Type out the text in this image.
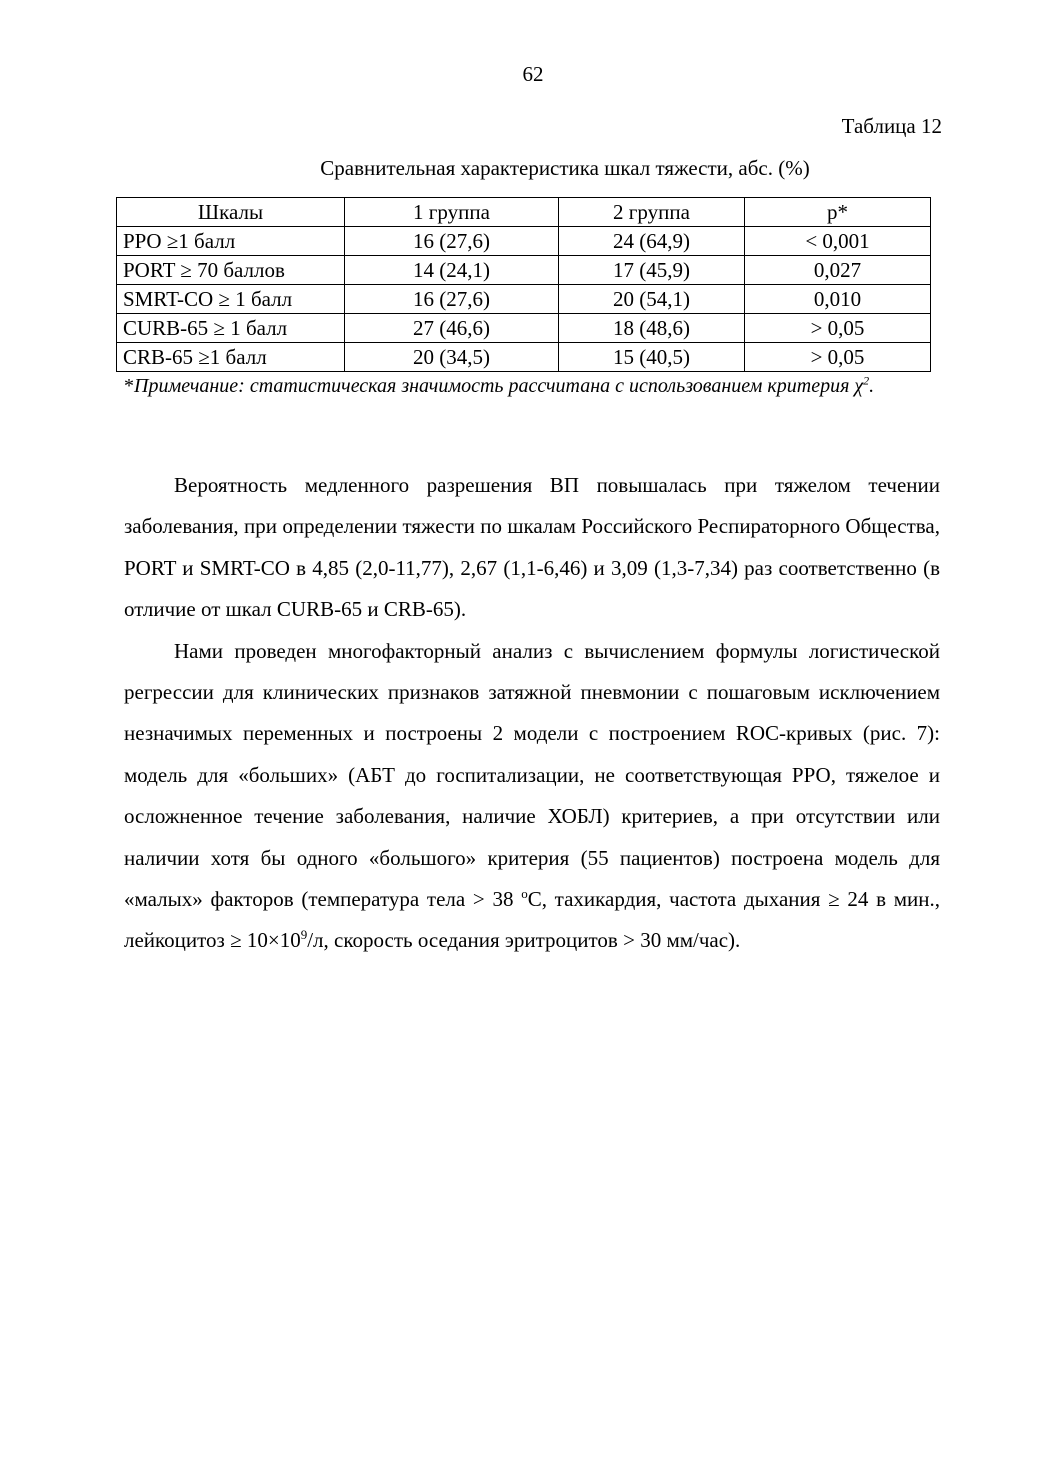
62
Таблица 12
Сравнительная характеристика шкал тяжести, абс. (%)
Шкалы	1 группа	2 группа	p*
PPO ≥1 балл	16 (27,6)	24 (64,9)	< 0,001
PORT ≥ 70 баллов	14 (24,1)	17 (45,9)	0,027
SMRT-CO ≥ 1 балл	16 (27,6)	20 (54,1)	0,010
CURB-65 ≥ 1 балл	27 (46,6)	18 (48,6)	> 0,05
CRB-65 ≥1 балл	20 (34,5)	15 (40,5)	> 0,05
*Примечание: статистическая значимость рассчитана с использованием критерия $\chi^2$.

Вероятность медленного разрешения ВП повышалась при тяжелом течении заболевания, при определении тяжести по шкалам Российского Респираторного Общества, PORT и SMRT-CO в 4,85 (2,0-11,77), 2,67 (1,1-6,46) и 3,09 (1,3-7,34) раз соответственно (в отличие от шкал CURB-65 и CRB-65).

Нами проведен многофакторный анализ с вычислением формулы логистической регрессии для клинических признаков затяжной пневмонии с пошаговым исключением незначимых переменных и построены 2 модели с построением ROC-кривых (рис. 7): модель для «больших» (АБТ до госпитализации, не соответствующая РРО, тяжелое и осложненное течение заболевания, наличие ХОБЛ) критериев, а при отсутствии или наличии хотя бы одного «большого» критерия (55 пациентов) построена модель для «малых» факторов (температура тела > 38 $^о$С, тахикардия, частота дыхания ≥ 24 в мин., лейкоцитоз ≥ $10\times 10^9/л$, скорость оседания эритроцитов > 30 мм/час).
